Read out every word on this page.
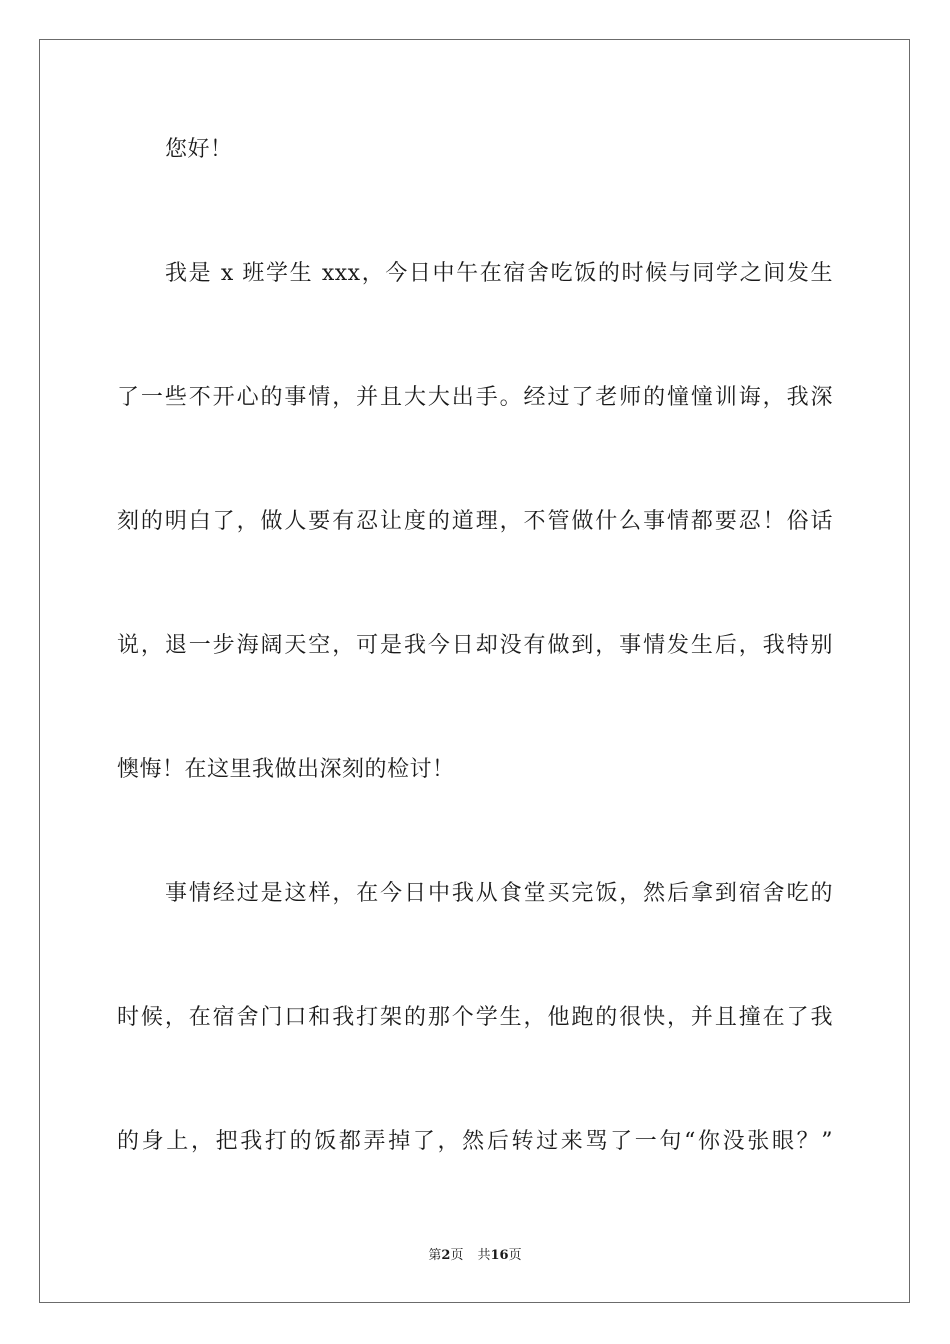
您好！
我是 x 班学生 xxx，今日中午在宿舍吃饭的时候与同学之间发生
了一些不开心的事情，并且大大出手。经过了老师的憧憧训诲，我深
刻的明白了，做人要有忍让度的道理，不管做什么事情都要忍！俗话
说，退一步海阔天空，可是我今日却没有做到，事情发生后，我特别
懊悔！在这里我做出深刻的检讨！
事情经过是这样，在今日中我从食堂买完饭，然后拿到宿舍吃的
时候，在宿舍门口和我打架的那个学生，他跑的很快，并且撞在了我
的身上，把我打的饭都弄掉了，然后转过来骂了一句“你没张眼？”
第2页 共16页
